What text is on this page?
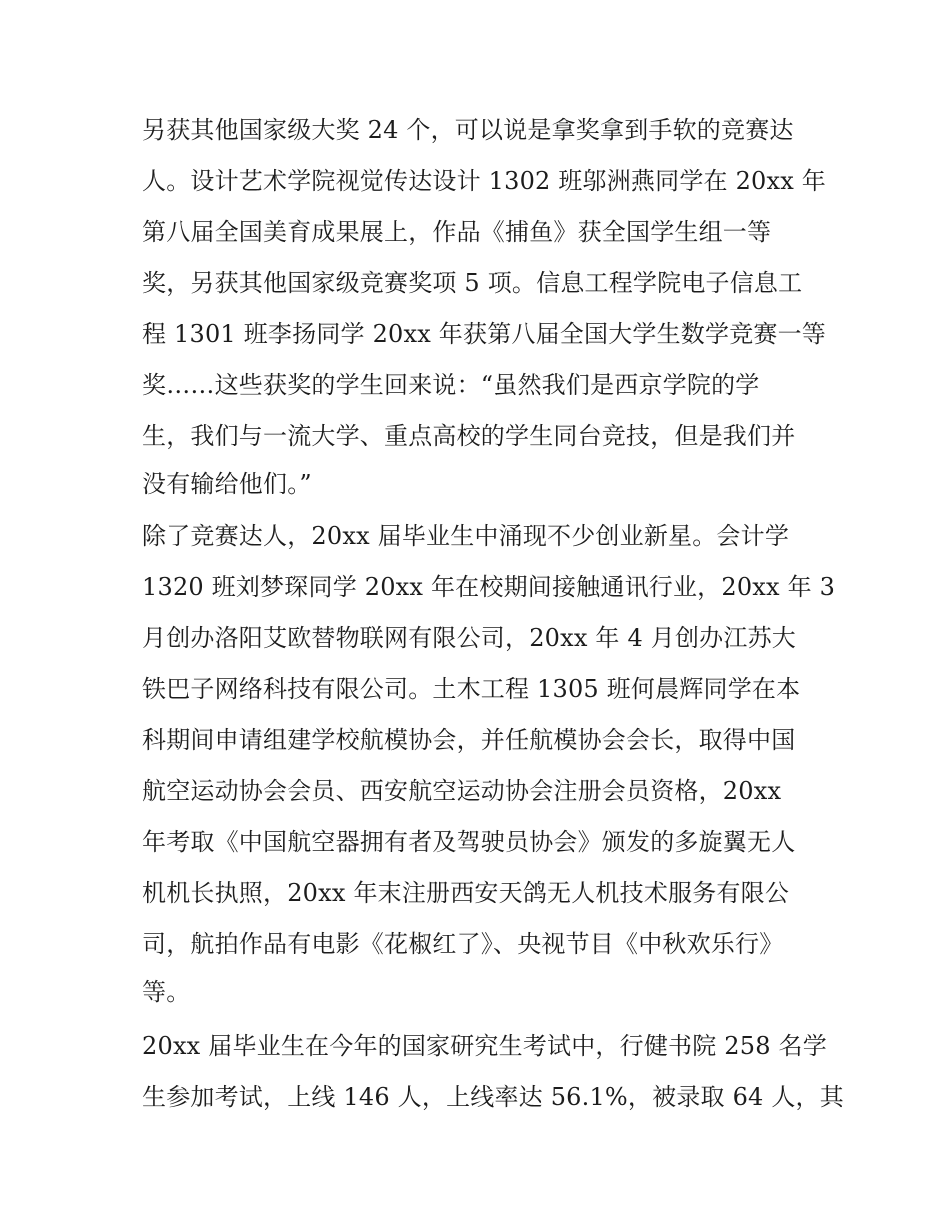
另获其他国家级大奖 24 个，可以说是拿奖拿到手软的竞赛达
人。设计艺术学院视觉传达设计 1302 班邬洲燕同学在 20xx 年
第八届全国美育成果展上，作品《捕鱼》获全国学生组一等
奖，另获其他国家级竞赛奖项 5 项。信息工程学院电子信息工
程 1301 班李扬同学 20xx 年获第八届全国大学生数学竞赛一等
奖……这些获奖的学生回来说：“虽然我们是西京学院的学
生，我们与一流大学、重点高校的学生同台竞技，但是我们并
没有输给他们。”
除了竞赛达人，20xx 届毕业生中涌现不少创业新星。会计学
1320 班刘梦琛同学 20xx 年在校期间接触通讯行业，20xx 年 3
月创办洛阳艾欧替物联网有限公司，20xx 年 4 月创办江苏大
铁巴子网络科技有限公司。土木工程 1305 班何晨辉同学在本
科期间申请组建学校航模协会，并任航模协会会长，取得中国
航空运动协会会员、西安航空运动协会注册会员资格，20xx
年考取《中国航空器拥有者及驾驶员协会》颁发的多旋翼无人
机机长执照，20xx 年末注册西安天鸽无人机技术服务有限公
司，航拍作品有电影《花椒红了》、央视节目《中秋欢乐行》
等。
20xx 届毕业生在今年的国家研究生考试中，行健书院 258 名学
生参加考试，上线 146 人，上线率达 56.1%，被录取 64 人，其
